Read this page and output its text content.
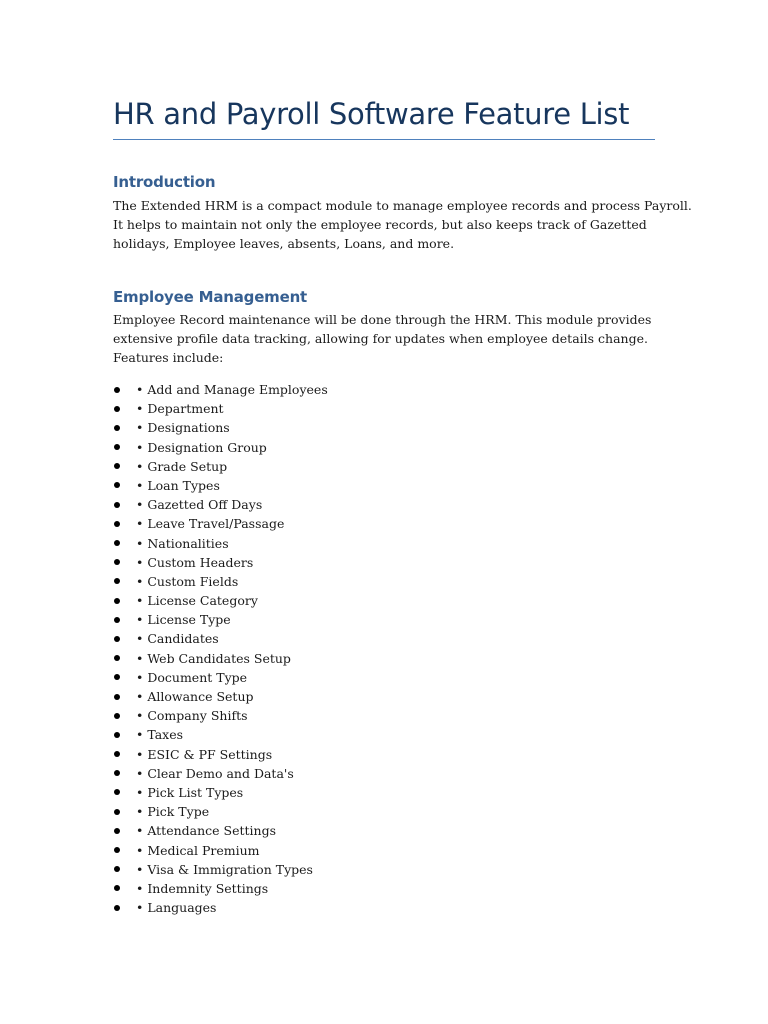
HR and Payroll Software Feature List
Introduction

The Extended HRM is a compact module to manage employee records and process Payroll.
It helps to maintain not only the employee records, but also keeps track of Gazetted
holidays, Employee leaves, absents, Loans, and more.

Employee Management

Employee Record maintenance will be done through the HRM. This module provides
extensive profile data tracking, allowing for updates when employee details change.
Features include:

• Add and Manage Employees
• Department
• Designations
• Designation Group
• Grade Setup
• Loan Types
• Gazetted Off Days
• Leave Travel/Passage
• Nationalities
• Custom Headers
• Custom Fields
• License Category
• License Type
• Candidates
• Web Candidates Setup
• Document Type
• Allowance Setup
• Company Shifts
• Taxes
• ESIC & PF Settings
• Clear Demo and Data's
• Pick List Types
• Pick Type
• Attendance Settings
• Medical Premium
• Visa & Immigration Types
• Indemnity Settings
• Languages
